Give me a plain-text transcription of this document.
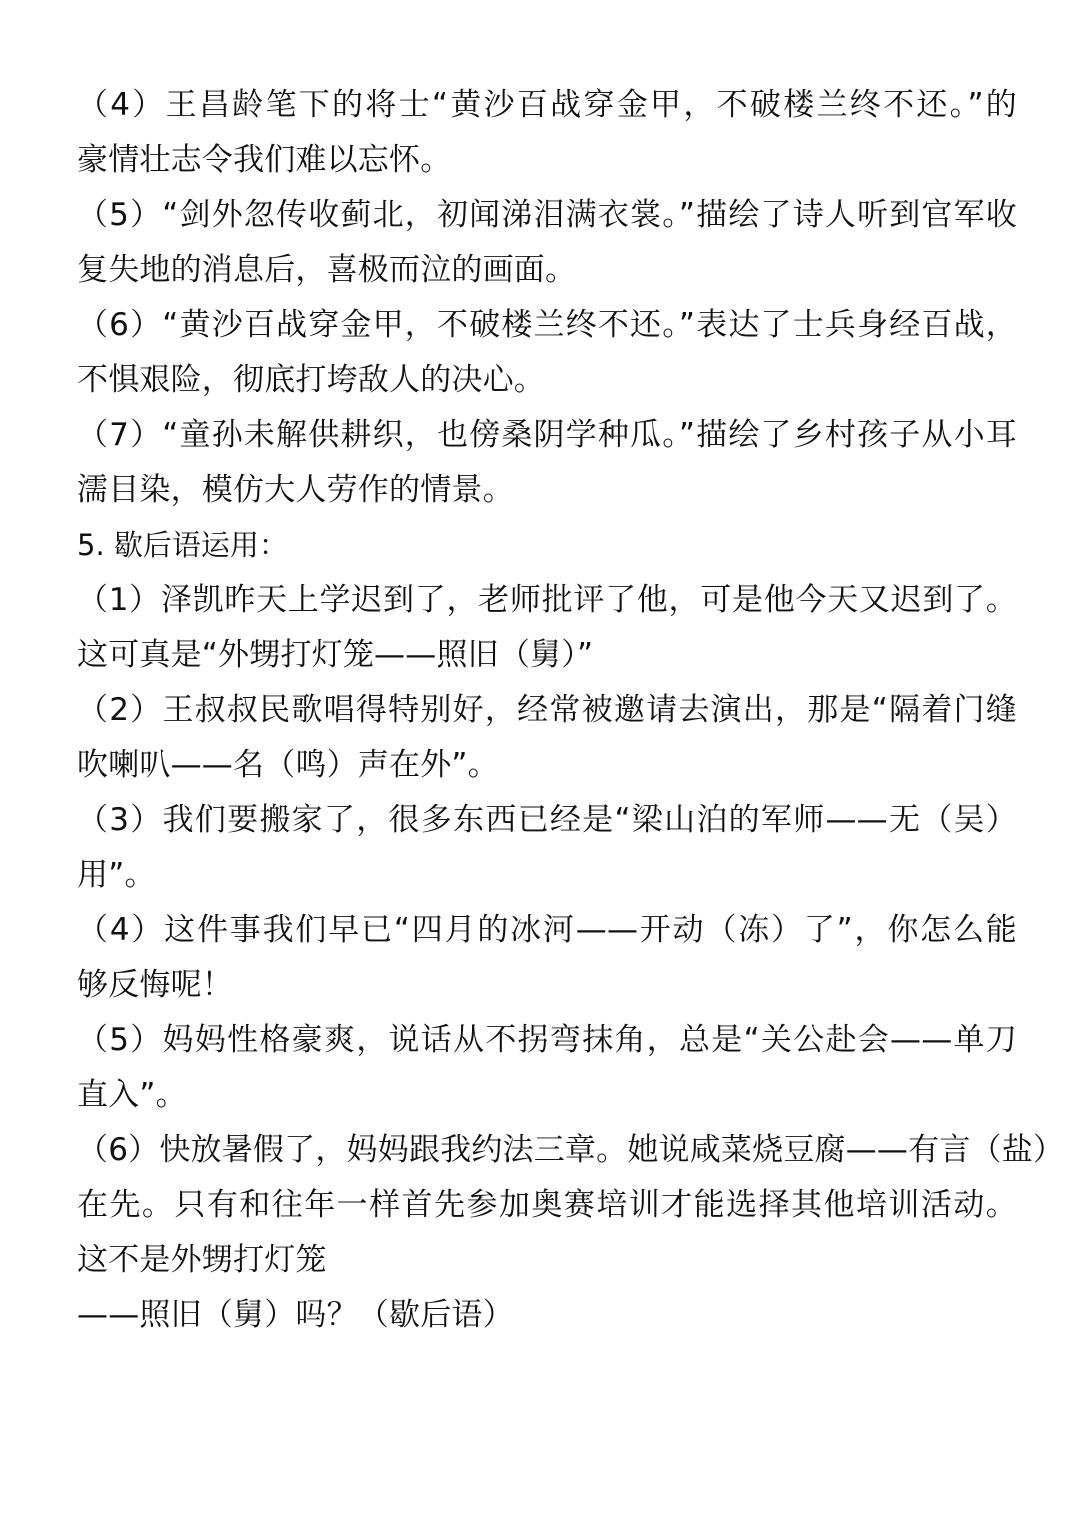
（4）王昌龄笔下的将士“黄沙百战穿金甲，不破楼兰终不还。”的
豪情壮志令我们难以忘怀。
（5）“剑外忽传收蓟北，初闻涕泪满衣裳。”描绘了诗人听到官军收
复失地的消息后，喜极而泣的画面。
（6）“黄沙百战穿金甲，不破楼兰终不还。”表达了士兵身经百战，
不惧艰险，彻底打垮敌人的决心。
（7）“童孙未解供耕织，也傍桑阴学种瓜。”描绘了乡村孩子从小耳
濡目染，模仿大人劳作的情景。
5. 歇后语运用：
（1）泽凯昨天上学迟到了，老师批评了他，可是他今天又迟到了。
这可真是“外甥打灯笼——照旧（舅）”
（2）王叔叔民歌唱得特别好，经常被邀请去演出，那是“隔着门缝
吹喇叭——名（鸣）声在外”。
（3）我们要搬家了，很多东西已经是“梁山泊的军师——无（吴）
用”。
（4）这件事我们早已“四月的冰河——开动（冻）了”，你怎么能
够反悔呢！
（5）妈妈性格豪爽，说话从不拐弯抹角，总是“关公赴会——单刀
直入”。
（6）快放暑假了，妈妈跟我约法三章。她说咸菜烧豆腐——有言（盐）
在先。只有和往年一样首先参加奥赛培训才能选择其他培训活动。
这不是外甥打灯笼
——照旧（舅）吗？（歇后语）
